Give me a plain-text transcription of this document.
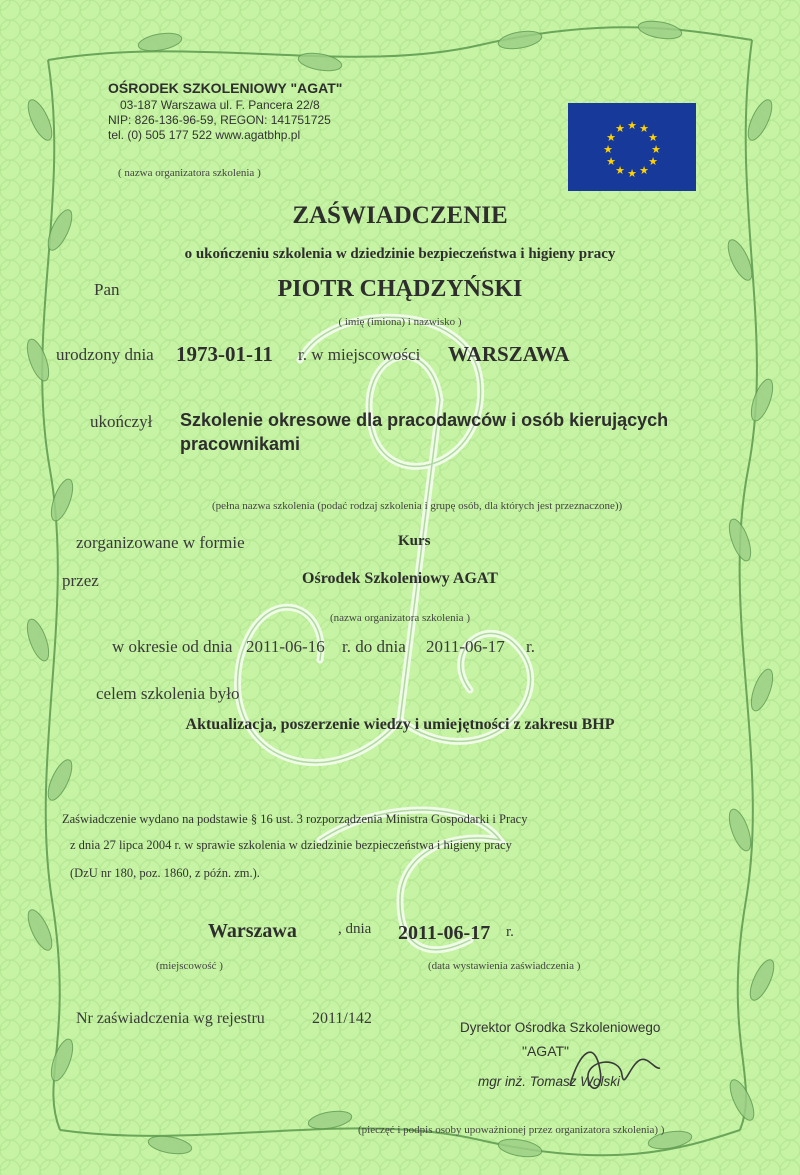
OŚRODEK SZKOLENIOWY "AGAT"
03-187 Warszawa ul. F. Pancera 22/8
NIP: 826-136-96-59, REGON: 141751725
tel. (0) 505 177 522 www.agatbhp.pl
( nazwa organizatora szkolenia )
★ ★
★
★
★
★
★
★
★
★
★
★
ZAŚWIADCZENIE
o ukończeniu szkolenia w dziedzinie bezpieczeństwa i higieny pracy
Pan	PIOTR CHĄDZYŃSKI
( imię (imiona) i nazwisko )
urodzony dnia 1973-01-11 r. w miejscowości WARSZAWA
ukończył Szkolenie okresowe dla pracodawców i osób kierujących
pracownikami
(pełna nazwa szkolenia (podać rodzaj szkolenia i grupę osób, dla których jest przeznaczone))
zorganizowane w formie	Kurs
przez	Ośrodek Szkoleniowy AGAT
(nazwa organizatora szkolenia )
w okresie od dnia 2011-06-16 r. do dnia 2011-06-17 r.
celem szkolenia było
Aktualizacja, poszerzenie wiedzy i umiejętności z zakresu BHP
Zaświadczenie wydano na podstawie § 16 ust. 3 rozporządzenia Ministra Gospodarki i Pracy
z dnia 27 lipca 2004 r. w sprawie szkolenia w dziedzinie bezpieczeństwa i higieny pracy
(DzU nr 180, poz. 1860, z późn. zm.).
Warszawa	, dnia 2011-06-17 r.
(miejscowość )	(data wystawienia zaświadczenia )
Nr zaświadczenia wg rejestru	2011/142
Dyrektor Ośrodka Szkoleniowego
"AGAT"
mgr inż. Tomasz Wolski
(pieczęć i podpis osoby upoważnionej przez organizatora szkolenia) )
